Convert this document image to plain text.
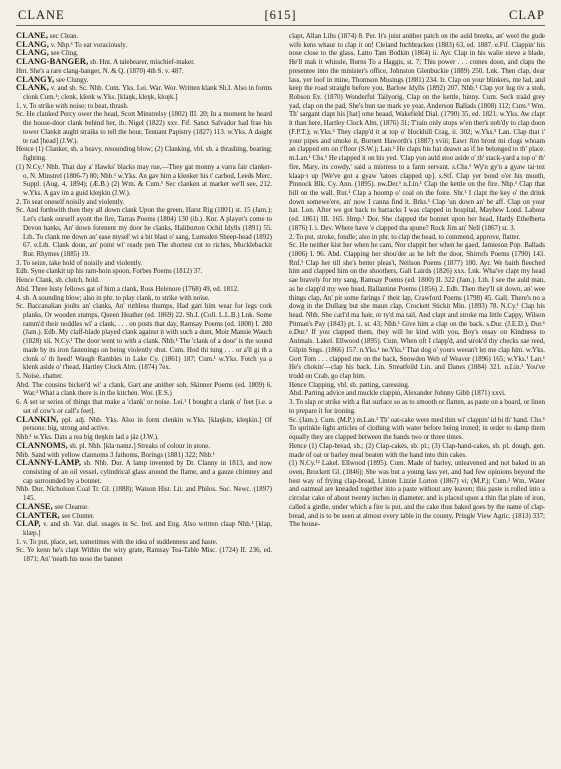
CLANE	[615]	CLAP

CLANE, sec Clean.

CLANG, v. Nhp.¹ To eat voraciously.

CLANG, see Cling.

CLANG-BANGER, sb. Hnt. A talebearer, mischief-maker.

Hnt. She's a rare clang-banger, N. & Q. (1870) 4th S. v. 487.

CLANGY, see Clungy.

CLANK, v. and sb. Sc. Nhb. Cum. Yks. Lei. War. Wor. Written klank Sh.I. Also in forms clonk Cum.¹; clenk, klenk w.Yks. [klaŋk, kleŋk, kloŋk.]

1. v. To strike with noise; to beat, thrash.

Sc. He clanked Percy ower the head, Scott Minstrelsy (1802) III. 20; In a moment he heard the house-door clank behind her, ib. Nigel (1822) xxv. Fif. Sanct Salvador had frae his tower Clankit aught straiks to tell the hour, Tennant Papistry (1827) 113. w.Yks. A daight te rad [head] (J.W.).

Hence (1) Clanker, sb. a heavy, resounding blow; (2) Clanking, vbl. sb. a thrashing, beating; fighting.

(1) N.Cy.¹ Nhb. That day a' Hawks' blacks may rue,—They gat monny a varra fair clanker-o, N. Minstrel (1806-7) 80; Nhb.¹ w.Yks. An gav him a klenker his t' carbod, Leeds Merc. Suppl. (Aug. 4, 1894); (Æ.B.) (2) Wm. & Cum.¹ Sec clanken at market we'll see, 212. w.Yks. A gav im a guid kleŋkin (J.W.).

2. To seat oneself noisily and violently.

Sc. And forthwith then they all down clank Upon the green, Harst Rig (1801) st. 15 (Jam.); Let's clank ourself ayont the fire, Tarras Poems (1804) 130 (ib.). Knr. A player's come to Devon banks, An' down forenent my door he clanks, Haliburton Ochil Idylls (1891) 55. Lth. To clank me down an' ease myseł' wi a bit blast o' sang, Lumsden Sheep-head (1892) 67. e.Lth. Clank doun, an' point wi' ready pen The shortest cut to riches, Mucklebackit Rur. Rhymes (1885) 19.

3. To seize, take hold of noisily and violently.

Edb. Syne clankit up his ram-hoin spoon, Forbes Poems (1812) 37.

Hence Clank, sb. clutch, hold.

Abd. Three lusty fellows gat of him a clank, Ross Helenore (1768) 49, ed. 1812.

4. sb. A sounding blow; also in phr. to play clank, to strike with noise.

Sc. Baccanalian joults an' clanks, An' ruthless thumps, Had gart him wear for legs cork planks, Or wooden stumps, Queen Heather (ed. 1869) 22. Sh.I. (Coll. L.L.B.) Lnk. Some ramm'd their noddles wi' a clank, . . . on posts that day, Ramsay Poems (ed. 1800) I. 280 (Jam.). Edb. My claff-blade played clank against it with such a dunt, Moir Mansie Wauch (1828) xii. N.Cy.¹ The door went to with a clank. Nhb.¹ The 'clank of a door' is the sound made by its iron fastenings on being violently shut. Cum. Hod thi tung . . . or a'll gi th a clonk o' th heed! Waugh Rambles in Lake Cy. (1861) 187; Cum.¹ w.Yks. Fotch ya a klenk aside o' t'head, Hartley Clock Alm. (1874) 7ex.

5. Noise, chatter.

Abd. The cousins bicker'd wi' a clank, Gart ane anither sob, Skinner Poems (ed. 1809) 6. War.³ What a clank there is in the kitchen. Wor. (E.S.)

6. A set or series of things that make a 'clank' or noise. Lei.¹ I bought a clank o' feet [i.e. a set of cow's or calf's feet].

CLANKIN, ppl. adj. Nhb. Yks. Also in form clenkin w.Yks. [klaŋkin, kleŋkin.] Of persons: big, strong and active.

Nhb.¹ w.Yks. Dats a rea big tleŋkin lad ə jäz (J.W.).

CLANNOMS, sb. pl. Nhb. [kla·nəmz.] Streaks of colour in stone.

Nhb. Sand with yellow clannoms 3 fathoms, Borings (1881) 322; Nhb.¹

CLANNY-LAMP, sb. Nhb. Dur. A lamp invented by Dr. Clanny in 1813, and now consisting of an oil vessel, cylindrical glass around the flame, and a gauze chimney and cap surrounded by a bonnet.

Nhb. Dur. Nicholson Coal Tr. Gl. (1888); Watson Hist. Lit. and Philos. Soc. Newc. (1897) 145.

CLANSE, see Cleanse.

CLANTER, see Clunter.

CLAP, v. and sb. Var. dial. usages in Sc. Irel. and Eng. Also written claap Nhb.¹ [klap, klæp.]

1. v. To put, place, set, sometimes with the idea of suddenness and haste.

Sc. Ye kenn he's clapt Within the wiry grate, Ramsay Tea-Table Misc. (1724) II. 236, ed. 1871; An' 'neath his nose the bannet

clapt, Allan Lilts (1874) 8. Per. It's juist anither patch on the auld breeks, an' weel the gude wife kens whaur to clap it on! Cleland Inchbracken (1883) 63, ed. 1887. e.Fif. Clappin' his nose close to the glass, Latto Tam Bodkin (1864) ii. Ayr. Clap in his walie nieve a blade, He'll mak it whissle, Burns To a Haggis, st. 7; This power . . . comes doon, and claps the presentee into the minister's office, Johnston Glenbuckie (1889) 250. Lnk. Then clap, dear lass, yer loof in mine, Thomson Musings (1881) 234. Ir. Clap on your blinkers, me lad, and keep the road straight before you, Barlow Idylls (1892) 207. Nhb.¹ Clap yor lug tiv a stob, Robson Ev. (1870) Wonderful Tailyorig. Clap on the kettle, hinny. Cum. Seck traäd grey yad, clap on the pad, She's bun tae mark ye year, Anderson Ballads (1808) 112; Cum.³ Wm. Th' sargant clapt his [hat] ome heaad, Wakefield Dial. (1790) 35, ed. 1821. w.Yks. Aw clapt it than here, Hartley Clock Alm. (1876) 31; T'rain only stops w'en ther's nob'dy to clap doon (F.P.T.); w.Yks.³ They clapp'd it at top o' Hockhill Crag, ii. 302; w.Yks.³ Lan. Clap that i' your pipes and smoke it, Burnett Haworth's (1887) xviii; Eawr Jim brout mi clogs whoam an clapped em on t'floor (S.W.); Lan.¹ He claps his hat deawn as if he belonged to th' place. m.Lan.¹ Chs.¹ He clapped it on his yed. 'Clap yon auld stoo aside o' th' stack-yard a top o' th' fire, Mary, its cowdy,' said a mistress to a farm servant. s.Chs.¹ Wy'n gy'n a gyaw tai·tez klaap·t up [We've got a gyaw 'tatoes clapped up]. s.Stf. Clap yer bond o'er his mouth, Pinnock Blk. Cy. Ann. (1895). nw.Der.¹ n.Lin.¹ Clap the kettle on the fire. Nhp.¹ Clap that bill on the wall. Rut.¹ Clap a hoomp o' coal on the foire. Shr.¹ I clapt the key o' the drink down somewe'ere, an' now I canna find it. Brks.¹ Clap 'un down an' be aff. Clap on your hat. Lon. After we got back to barracks I was clapped in hospital, Mayhew Lond. Labour (ed. 1861) III. 165. Hmp.¹ Dor. She clapped the bonnet upon her head, Hardy Ethelberta (1876) I. i. Dev. Where have 'e clapped tha spune? Rock Jim an' Nell (1867) st. 3.

2. To put, stroke, fondle; also in phr. to clap the head, to commend, approve, flatter.

Sc. He neither kist her when he cam, Nor clappit her when he gaed, Jamieson Pop. Ballads (1806) I. 96. Abd. Clapping her shou'der as he left the door, Shirrefs Poems (1790) 143. Rnf.¹ Clap her till she's better pleas't, Neilson Poems (1877) 100. Ayr. We baith fleeched him and clapped him on the shoothers, Galt Lairds (1826) xxx. Lnk. Wha've clapt my head sae bravely for my sang, Ramsay Poems (ed. 1800) II. 322 (Jam.). Lth. I see the auld man, as he clapp'd my wee head, Ballantine Poems (1856) 2. Edb. Then they'll sit down, an' wee things clap, An' pit some farings i' their lap, Crawford Poems (1798) 45. Gall. There's no a dowg in the Dullarg but she maun clap, Crockett Stickit Min. (1893) 78. N.Cy.¹ Clap his head. Nhb. She carl'd ma hair, or ty'd ma tail, And clapt and stroke ma little Cappy, Wilson Pitman's Pay (1843) pt. 1. st. 43; Nhb.¹ Give him a clap on the back. s.Dur. (J.E.D.), Dur.¹ e.Dur.¹ If you clapped them, they will be kind with you, Boy's essay on Kindness to Animals. Lakel. Ellwood (1895). Cum. When oft I clapp'd, and strok'd thy checks sae reed, Gilpin Sngs. (1866) 157. n.Yks.¹ ne.Yks.¹ That dog o' yours weean't let me clap him. w.Yks. Gort Tom . . . clapped me on the back, Snowden Web of Weaver (1896) 165; w.Yks.¹ Lan.¹ He's chokin'—clap his back. Lin. Streatfeild Lin. and Danes (1884) 321. n.Lin.¹ You've trodd on Crab, go clap him.

Hence Clapping, vbl. sb. patting, caressing.

Abd. Parting advice and muckle clappin, Alexander Johnny Gibb (1871) xxvi.

3. To slap or strike with a flat surface so as to smooth or flatten, as paste on a board, or linen to prepare it for ironing.

Sc. (Jam.). Cum. (M.P.) m.Lan.¹ Th' oat-cake were med thin wi' clappin' id bi th' hand. Chs.¹ To sprinkle light articles of clothing with water before being ironed; in order to damp them equally they are clapped between the hands two or three times.

Hence (1) Clap-bread, sb.; (2) Clap-cakes, sb. pl.; (3) Clap-hand-cakes, sb. pl. dough, gen. made of oat or barley meal beaten with the hand into thin cakes.

(1) N.Cy.¹² Lakel. Ellwood (1895). Cum. Made of barley, unleavened and not baked in an oven, Brockett Gl. (1846); She was but a young lass yet, and had few opinions beyond the best way of frying clap-bread, Linton Lizzie Lorton (1867) vi; (M.P.); Cum.¹ Wm. Water and oatmeal are kneaded together into a paste without any leaven; this paste is rolled into a circular cake of about twenty inches in diameter, and is placed upon a thin flat plate of iron, called a girdle, under which a fire is put, and the cake thus baked goes by the name of clap-bread, and is to be seen at almost every table in the county, Pringle View Agric. (1813) 337; The house-
